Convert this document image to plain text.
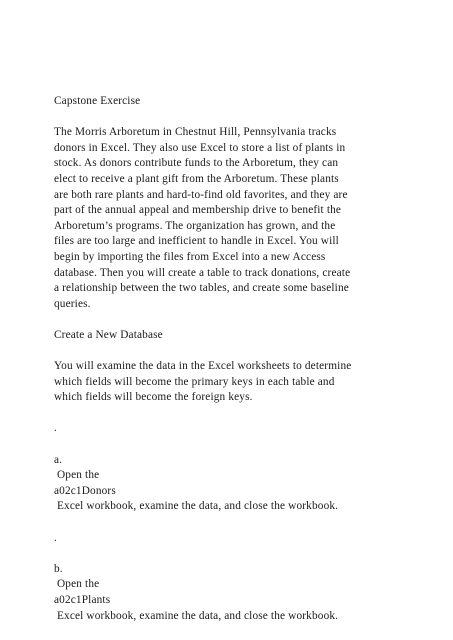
Capstone Exercise

The Morris Arboretum in Chestnut Hill, Pennsylvania tracks

donors in Excel. They also use Excel to store a list of plants in

stock. As donors contribute funds to the Arboretum, they can

elect to receive a plant gift from the Arboretum. These plants

are both rare plants and hard-to-find old favorites, and they are

part of the annual appeal and membership drive to benefit the

Arboretum’s programs. The organization has grown, and the

files are too large and inefficient to handle in Excel. You will

begin by importing the files from Excel into a new Access

database. Then you will create a table to track donations, create

a relationship between the two tables, and create some baseline

queries.

Create a New Database

You will examine the data in the Excel worksheets to determine

which fields will become the primary keys in each table and

which fields will become the foreign keys.

.

a.

Open the

a02c1Donors

Excel workbook, examine the data, and close the workbook.

.

b.

Open the

a02c1Plants

Excel workbook, examine the data, and close the workbook.
